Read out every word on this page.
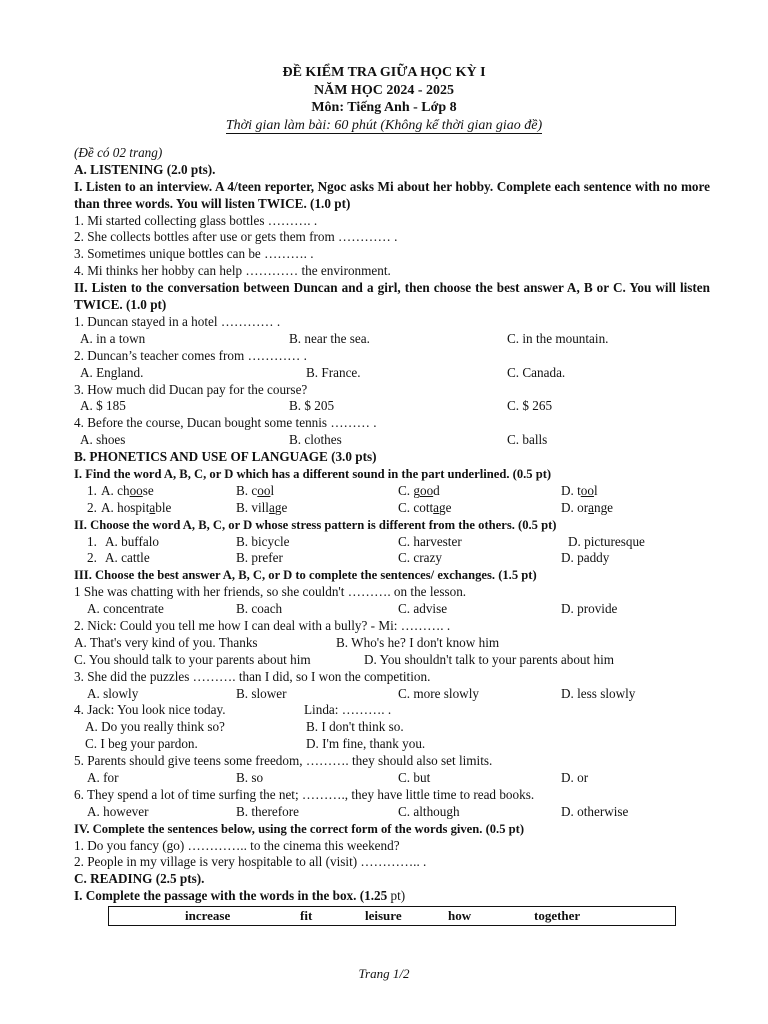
ĐỀ KIỂM TRA GIỮA HỌC KỲ I
NĂM HỌC 2024 - 2025
Môn: Tiếng Anh - Lớp 8
Thời gian làm bài: 60 phút (Không kể thời gian giao đề)
(Đề có 02 trang)
A. LISTENING (2.0 pts).
I. Listen to an interview. A 4/teen reporter, Ngoc asks Mi about her hobby. Complete each sentence with no more than three words. You will listen TWICE. (1.0 pt)
1. Mi started collecting glass bottles ………. .
2. She collects bottles after use or gets them from ………… .
3. Sometimes unique bottles can be ………. .
4. Mi thinks her hobby can help ………… the environment.
II. Listen to the conversation between Duncan and a girl, then choose the best answer A, B or C. You will listen TWICE. (1.0 pt)
1. Duncan stayed in a hotel ………… .
A. in a town	B. near the sea.	C. in the mountain.
2. Duncan’s teacher comes from ………… .
A. England.	B. France.	C. Canada.
3. How much did Ducan pay for the course?
A. $ 185	B. $ 205	C. $ 265
4. Before the course, Ducan bought some tennis ……… .
A. shoes	B. clothes	C. balls
B. PHONETICS AND USE OF LANGUAGE (3.0 pts)
I. Find the word A, B, C, or D which has a different sound in the part underlined. (0.5 pt)
1. A. choose	B. cool	C. good	D. tool
2. A. hospitable	B. village	C. cottage	D. orange
II. Choose the word A, B, C, or D whose stress pattern is different from the others. (0.5 pt)
1. A. buffalo	B. bicycle	C. harvester	D. picturesque
2. A. cattle	B. prefer	C. crazy	D. paddy
III. Choose the best answer A, B, C, or D to complete the sentences/ exchanges. (1.5 pt)
1 She was chatting with her friends, so she couldn't ………. on the lesson.
A. concentrate	B. coach	C. advise	D. provide
2. Nick: Could you tell me how I can deal with a bully? - Mi: ………. .
A. That's very kind of you. Thanks	B. Who's he? I don't know him
C. You should talk to your parents about him	D. You shouldn't talk to your parents about him
3. She did the puzzles ………. than I did, so I won the competition.
A. slowly	B. slower	C. more slowly	D. less slowly
4. Jack: You look nice today.	Linda: ………. .
A. Do you really think so?	B. I don't think so.
C. I beg your pardon.	D. I'm fine, thank you.
5. Parents should give teens some freedom, ………. they should also set limits.
A. for	B. so	C. but	D. or
6. They spend a lot of time surfing the net; ………., they have little time to read books.
A. however	B. therefore	C. although	D. otherwise
IV. Complete the sentences below, using the correct form of the words given. (0.5 pt)
1. Do you fancy (go) ………….. to the cinema this weekend?
2. People in my village is very hospitable to all (visit) ………….. .
C. READING (2.5 pts).
I. Complete the passage with the words in the box. (1.25 pt)
increase	fit	leisure	how	together
Trang 1/2
